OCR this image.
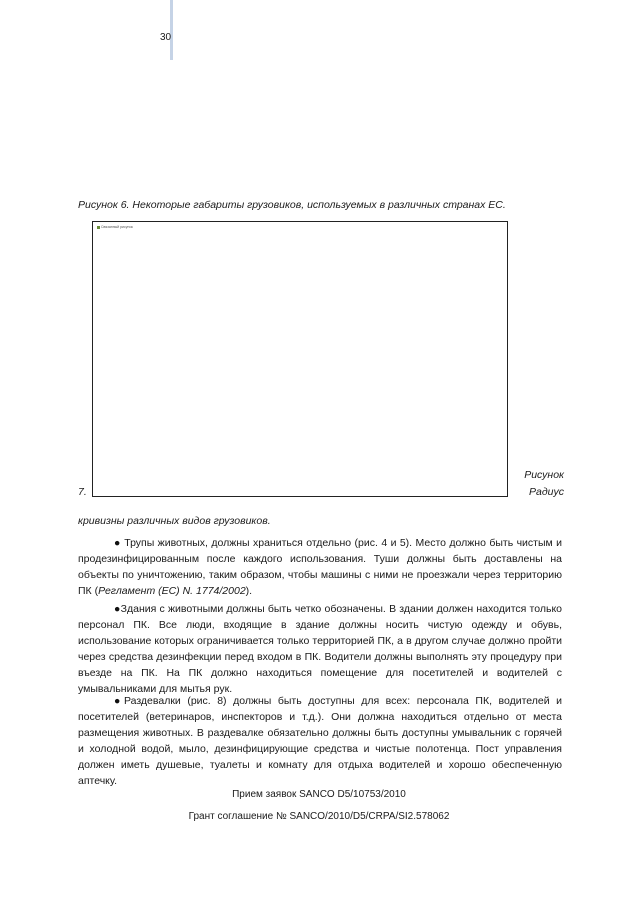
30
Рисунок 6. Некоторые габариты грузовиков, используемых в различных странах ЕС.
Связанный рисунок
7.
Рисунок
Радиус
кривизны различных видов грузовиков.

● Трупы животных, должны храниться отдельно (рис. 4 и 5). Место должно быть чистым и продезинфицированным после каждого использования. Туши должны быть доставлены на объекты по уничтожению, таким образом, чтобы машины с ними не проезжали через территорию ПК (Регламент (ЕС) N. 1774/2002).

●Здания с животными должны быть четко обозначены. В здании должен находится только персонал ПК. Все люди, входящие в здание должны носить чистую одежду и обувь, использование которых ограничивается только территорией ПК, а в другом случае должно пройти через средства дезинфекции перед входом в ПК. Водители должны выполнять эту процедуру при въезде на ПК. На ПК должно находиться помещение для посетителей и водителей с умывальниками для мытья рук.

●Раздевалки (рис. 8) должны быть доступны для всех: персонала ПК, водителей и посетителей (ветеринаров, инспекторов и т.д.). Они должна находиться отдельно от места размещения животных. В раздевалке обязательно должны быть доступны умывальник с горячей и холодной водой, мыло, дезинфицирующие средства и чистые полотенца. Пост управления должен иметь душевые, туалеты и комнату для отдыха водителей и хорошо обеспеченную аптечку.

Прием заявок SANCO D5/10753/2010
Грант соглашение № SANCO/2010/D5/CRPA/SI2.578062
